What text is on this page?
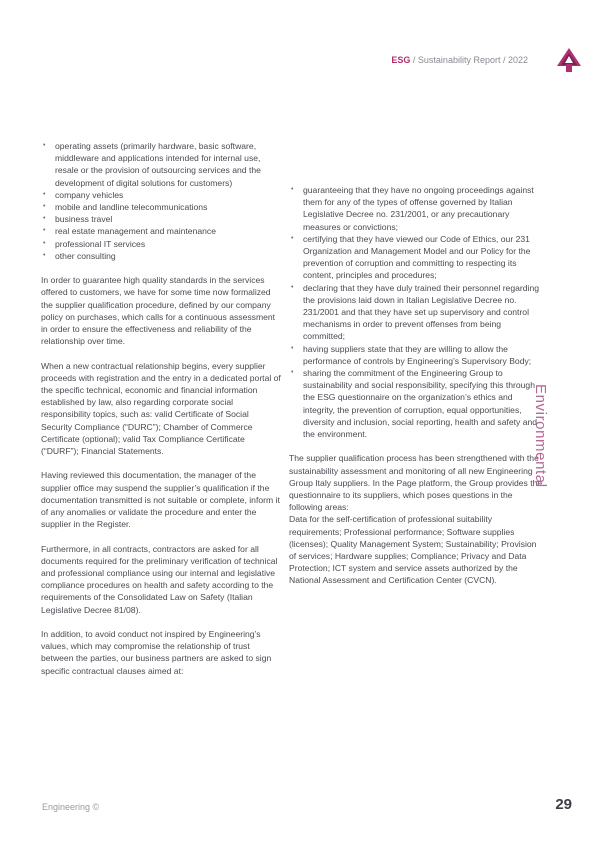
ESG / Sustainability Report / 2022
• operating assets (primarily hardware, basic software, middleware and applications intended for internal use, resale or the provision of outsourcing services and the development of digital solutions for customers)
• company vehicles
• mobile and landline telecommunications
• business travel
• real estate management and maintenance
• professional IT services
• other consulting

In order to guarantee high quality standards in the services offered to customers, we have for some time now formalized the supplier qualification procedure, defined by our company policy on purchases, which calls for a continuous assessment in order to ensure the effectiveness and reliability of the relationship over time.

When a new contractual relationship begins, every supplier proceeds with registration and the entry in a dedicated portal of the specific technical, economic and financial information established by law, also regarding corporate social responsibility topics, such as: valid Certificate of Social Security Compliance (“DURC”); Chamber of Commerce Certificate (optional); valid Tax Compliance Certificate (“DURF”); Financial Statements.

Having reviewed this documentation, the manager of the supplier office may suspend the supplier’s qualification if the documentation transmitted is not suitable or complete, inform it of any anomalies or validate the procedure and enter the supplier in the Register.

Furthermore, in all contracts, contractors are asked for all documents required for the preliminary verification of technical and professional compliance using our internal and legislative compliance procedures on health and safety according to the requirements of the Consolidated Law on Safety (Italian Legislative Decree 81/08).

In addition, to avoid conduct not inspired by Engineering’s values, which may compromise the relationship of trust between the parties, our business partners are asked to sign specific contractual clauses aimed at:

• guaranteeing that they have no ongoing proceedings against them for any of the types of offense governed by Italian Legislative Decree no. 231/2001, or any precautionary measures or convictions;
• certifying that they have viewed our Code of Ethics, our 231 Organization and Management Model and our Policy for the prevention of corruption and committing to respecting its content, principles and procedures;
• declaring that they have duly trained their personnel regarding the provisions laid down in Italian Legislative Decree no. 231/2001 and that they have set up supervisory and control mechanisms in order to prevent offenses from being committed;
• having suppliers state that they are willing to allow the performance of controls by Engineering’s Supervisory Body;
• sharing the commitment of the Engineering Group to sustainability and social responsibility, specifying this through the ESG questionnaire on the organization’s ethics and integrity, the prevention of corruption, equal opportunities, diversity and inclusion, social reporting, health and safety and the environment.

The supplier qualification process has been strengthened with the sustainability assessment and monitoring of all new Engineering Group Italy suppliers. In the Page platform, the Group provides the questionnaire to its suppliers, which poses questions in the following areas:

Data for the self-certification of professional suitability requirements; Professional performance; Software supplies (licenses); Quality Management System; Sustainability; Provision of services; Hardware supplies; Compliance; Privacy and Data Protection; ICT system and service assets authorized by the National Assessment and Certification Center (CVCN).

Environmental
Engineering ©	29
